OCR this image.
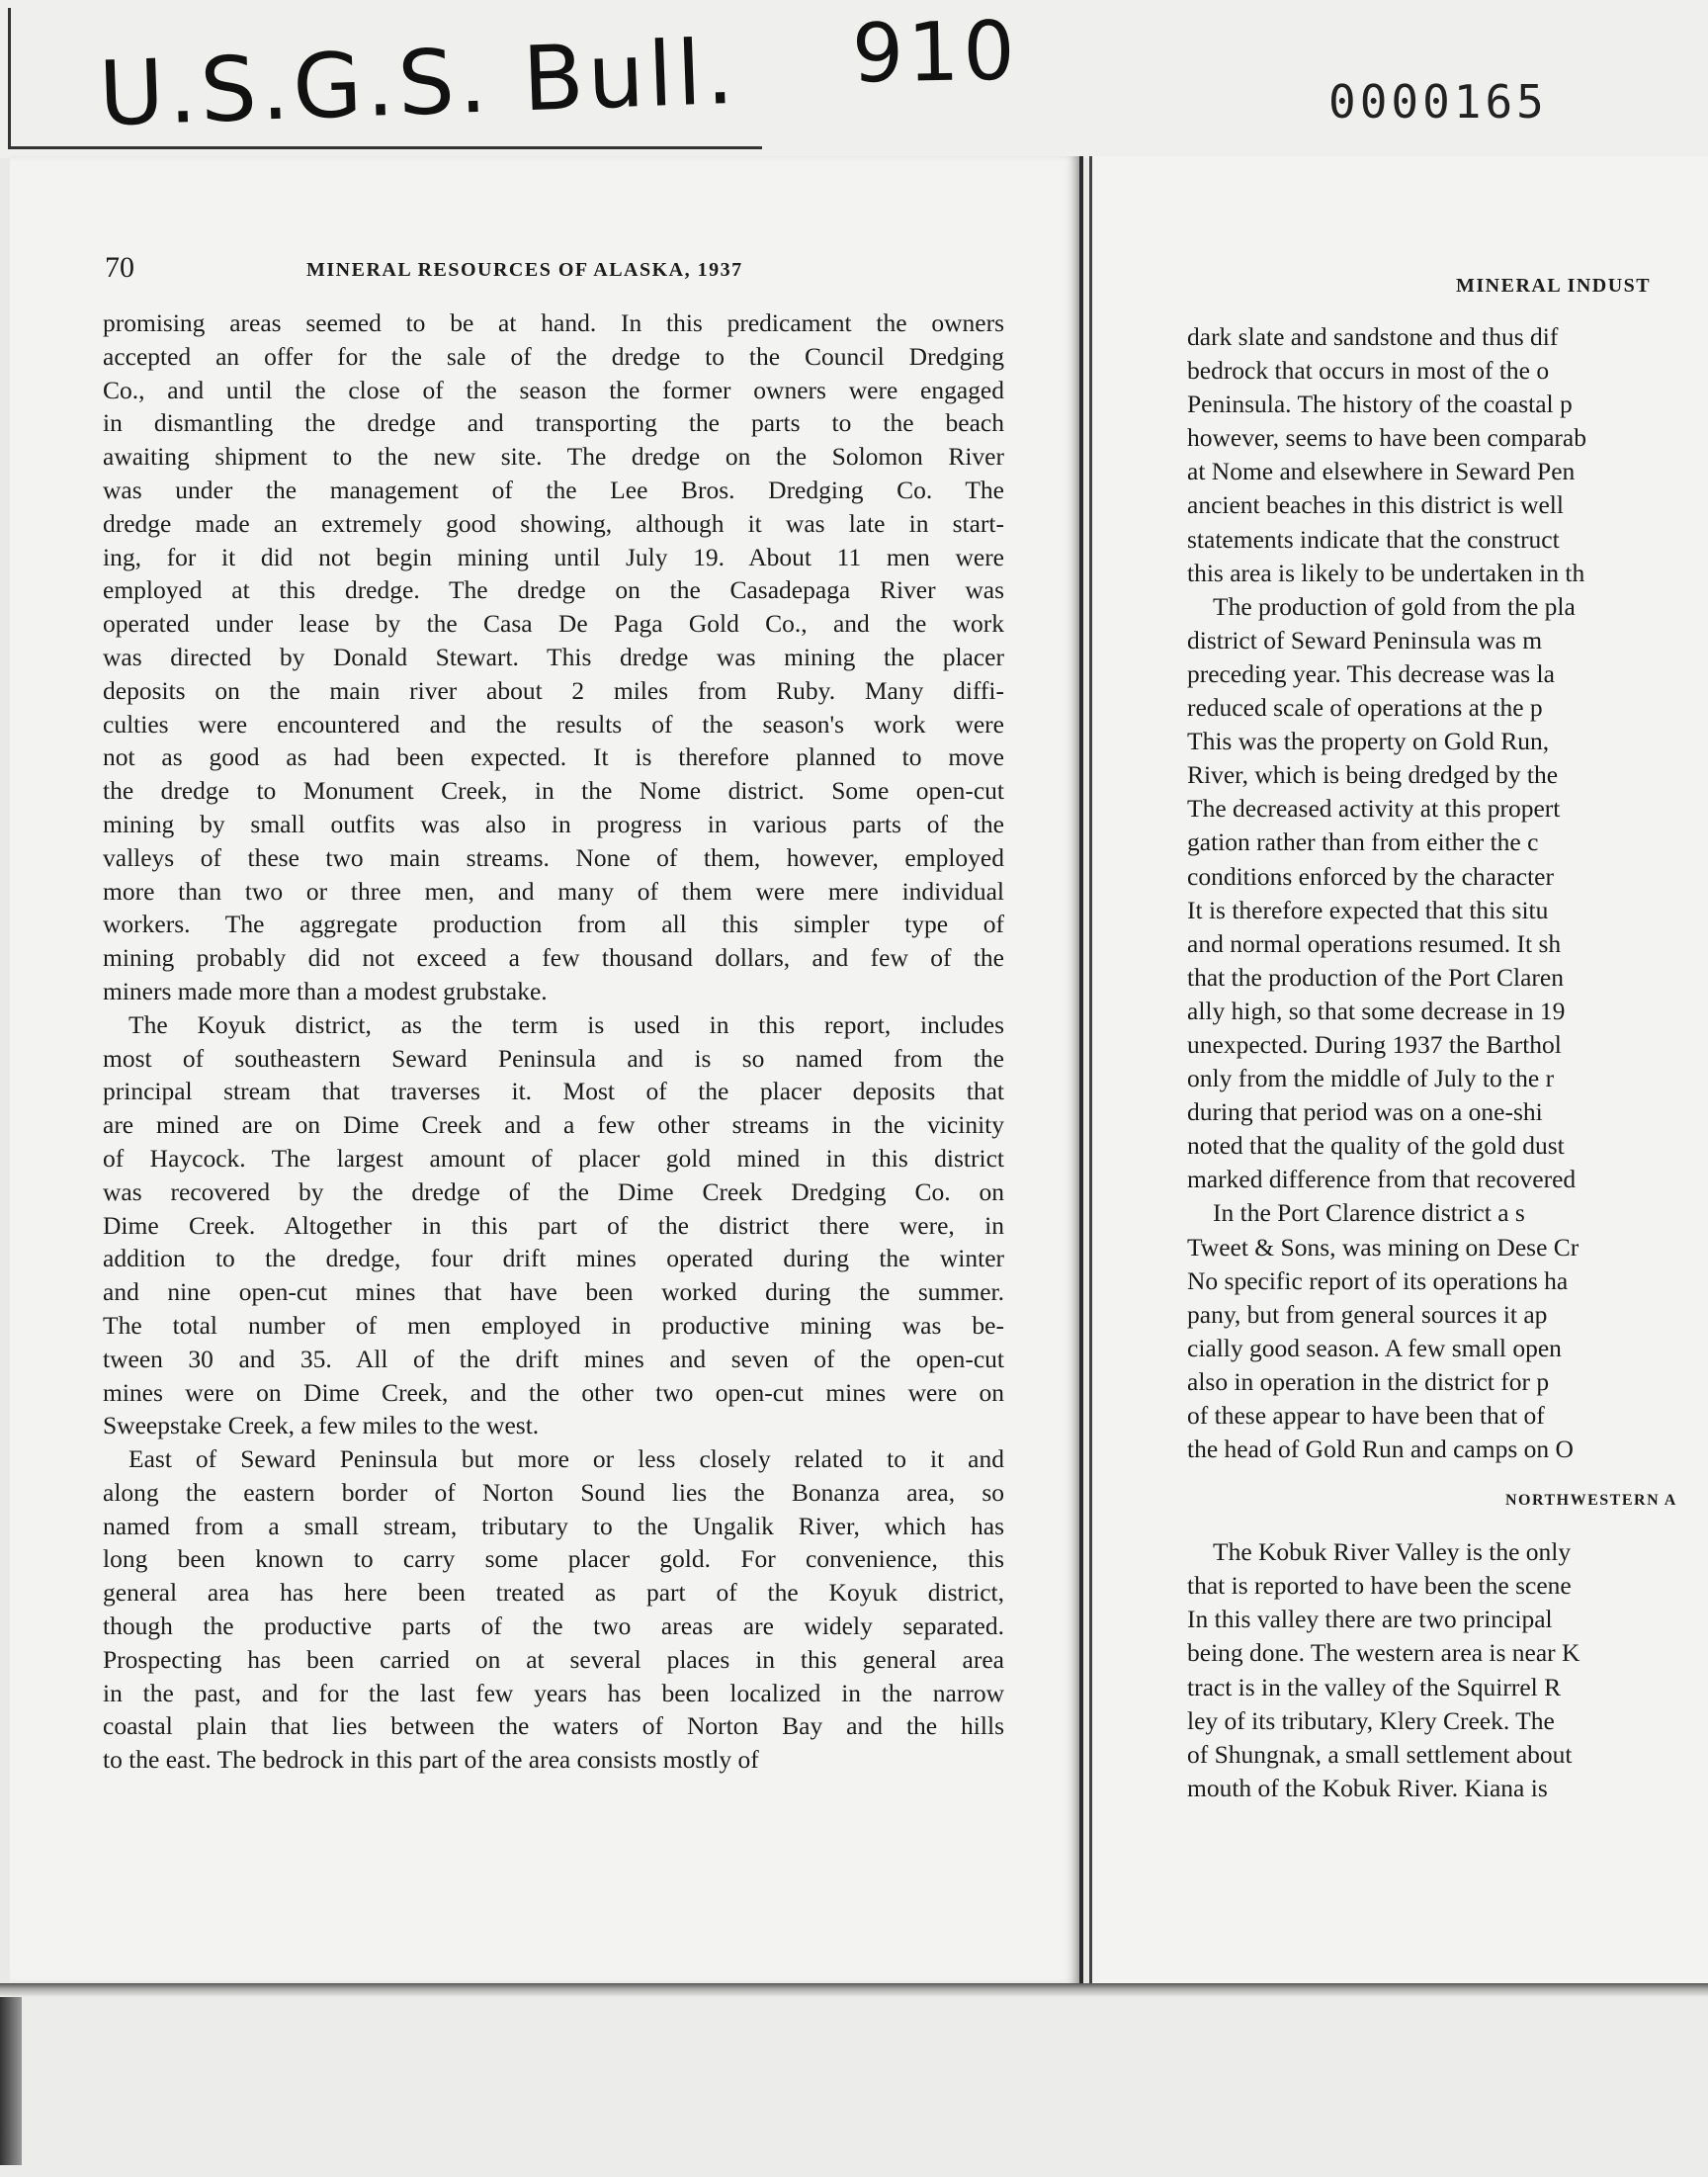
U.S.G.S. Bull. 910
0000165
70	MINERAL RESOURCES OF ALASKA, 1937
promising areas seemed to be at hand. In this predicament the owners
accepted an offer for the sale of the dredge to the Council Dredging
Co., and until the close of the season the former owners were engaged
in dismantling the dredge and transporting the parts to the beach
awaiting shipment to the new site. The dredge on the Solomon River
was under the management of the Lee Bros. Dredging Co. The
dredge made an extremely good showing, although it was late in start-
ing, for it did not begin mining until July 19. About 11 men were
employed at this dredge. The dredge on the Casadepaga River was
operated under lease by the Casa De Paga Gold Co., and the work
was directed by Donald Stewart. This dredge was mining the placer
deposits on the main river about 2 miles from Ruby. Many diffi-
culties were encountered and the results of the season's work were
not as good as had been expected. It is therefore planned to move
the dredge to Monument Creek, in the Nome district. Some open-cut
mining by small outfits was also in progress in various parts of the
valleys of these two main streams. None of them, however, employed
more than two or three men, and many of them were mere individual
workers. The aggregate production from all this simpler type of
mining probably did not exceed a few thousand dollars, and few of the
miners made more than a modest grubstake.
The Koyuk district, as the term is used in this report, includes
most of southeastern Seward Peninsula and is so named from the
principal stream that traverses it. Most of the placer deposits that
are mined are on Dime Creek and a few other streams in the vicinity
of Haycock. The largest amount of placer gold mined in this district
was recovered by the dredge of the Dime Creek Dredging Co. on
Dime Creek. Altogether in this part of the district there were, in
addition to the dredge, four drift mines operated during the winter
and nine open-cut mines that have been worked during the summer.
The total number of men employed in productive mining was be-
tween 30 and 35. All of the drift mines and seven of the open-cut
mines were on Dime Creek, and the other two open-cut mines were on
Sweepstake Creek, a few miles to the west.
East of Seward Peninsula but more or less closely related to it and
along the eastern border of Norton Sound lies the Bonanza area, so
named from a small stream, tributary to the Ungalik River, which has
long been known to carry some placer gold. For convenience, this
general area has here been treated as part of the Koyuk district,
though the productive parts of the two areas are widely separated.
Prospecting has been carried on at several places in this general area
in the past, and for the last few years has been localized in the narrow
coastal plain that lies between the waters of Norton Bay and the hills
to the east. The bedrock in this part of the area consists mostly of
MINERAL INDUST
dark slate and sandstone and thus dif
bedrock that occurs in most of the o
Peninsula. The history of the coastal p
however, seems to have been comparab
at Nome and elsewhere in Seward Pen
ancient beaches in this district is well
statements indicate that the construct
this area is likely to be undertaken in th
The production of gold from the pla
district of Seward Peninsula was m
preceding year. This decrease was la
reduced scale of operations at the p
This was the property on Gold Run,
River, which is being dredged by the
The decreased activity at this propert
gation rather than from either the c
conditions enforced by the character
It is therefore expected that this situ
and normal operations resumed. It sh
that the production of the Port Claren
ally high, so that some decrease in 19
unexpected. During 1937 the Barthol
only from the middle of July to the r
during that period was on a one-shi
noted that the quality of the gold dust
marked difference from that recovered
In the Port Clarence district a s
Tweet & Sons, was mining on Dese Cr
No specific report of its operations ha
pany, but from general sources it ap
cially good season. A few small open
also in operation in the district for p
of these appear to have been that of
the head of Gold Run and camps on O
NORTHWESTERN A
The Kobuk River Valley is the only
that is reported to have been the scene
In this valley there are two principal
being done. The western area is near K
tract is in the valley of the Squirrel R
ley of its tributary, Klery Creek. The
of Shungnak, a small settlement about
mouth of the Kobuk River. Kiana is
